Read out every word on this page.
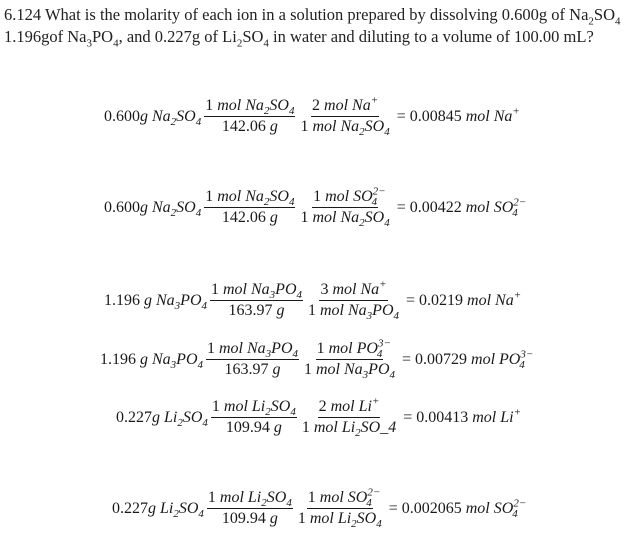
6.124 What is the molarity of each ion in a solution prepared by dissolving 0.600g of $Na_2SO_4$
1.196gof $Na_3PO_4$, and 0.227g of $Li_2SO_4$ in water and diluting to a volume of 100.00 mL?
0.600g $Na_2SO_4 \frac{1 mol Na_2SO_4}{142.06 g} \frac{2 mol Na^+}{1 mol Na_2SO_4} = 0.00845$ mol Na+
0.600g $Na_2SO_4 \frac{1 mol Na_2SO_4}{142.06 g} \frac{1 mol SO^{2-}_4}{1 mol Na_2SO_4} = 0.00422$ mol $SO^{2-}_4$
1.196 g $Na_3PO_4 \frac{1 mol Na_3PO_4}{163.97 g} \frac{3 mol Na^+}{1 mol Na_3PO_4} = 0.0219$ mol Na+
1.196 g $Na_3PO_4 \frac{1 mol Na_3PO_4}{163.97 g} \frac{1 mol PO^{3-}_4}{1 mol Na_3PO_4} = 0.00729$ mol $PO^{3-}_4$
0.227g $Li_2SO_4 \frac{1 mol Li_2SO_4}{109.94 g} \frac{2 mol Li^+}{1 mol Li_2SO\_4} = 0.00413$ mol Li+
0.227g $Li_2SO_4 \frac{1 mol Li_2SO_4}{109.94 g} \frac{1 mol SO^{2-}_4}{1 mol Li_2SO_4} = 0.002065$ mol $SO^{2-}_4$
